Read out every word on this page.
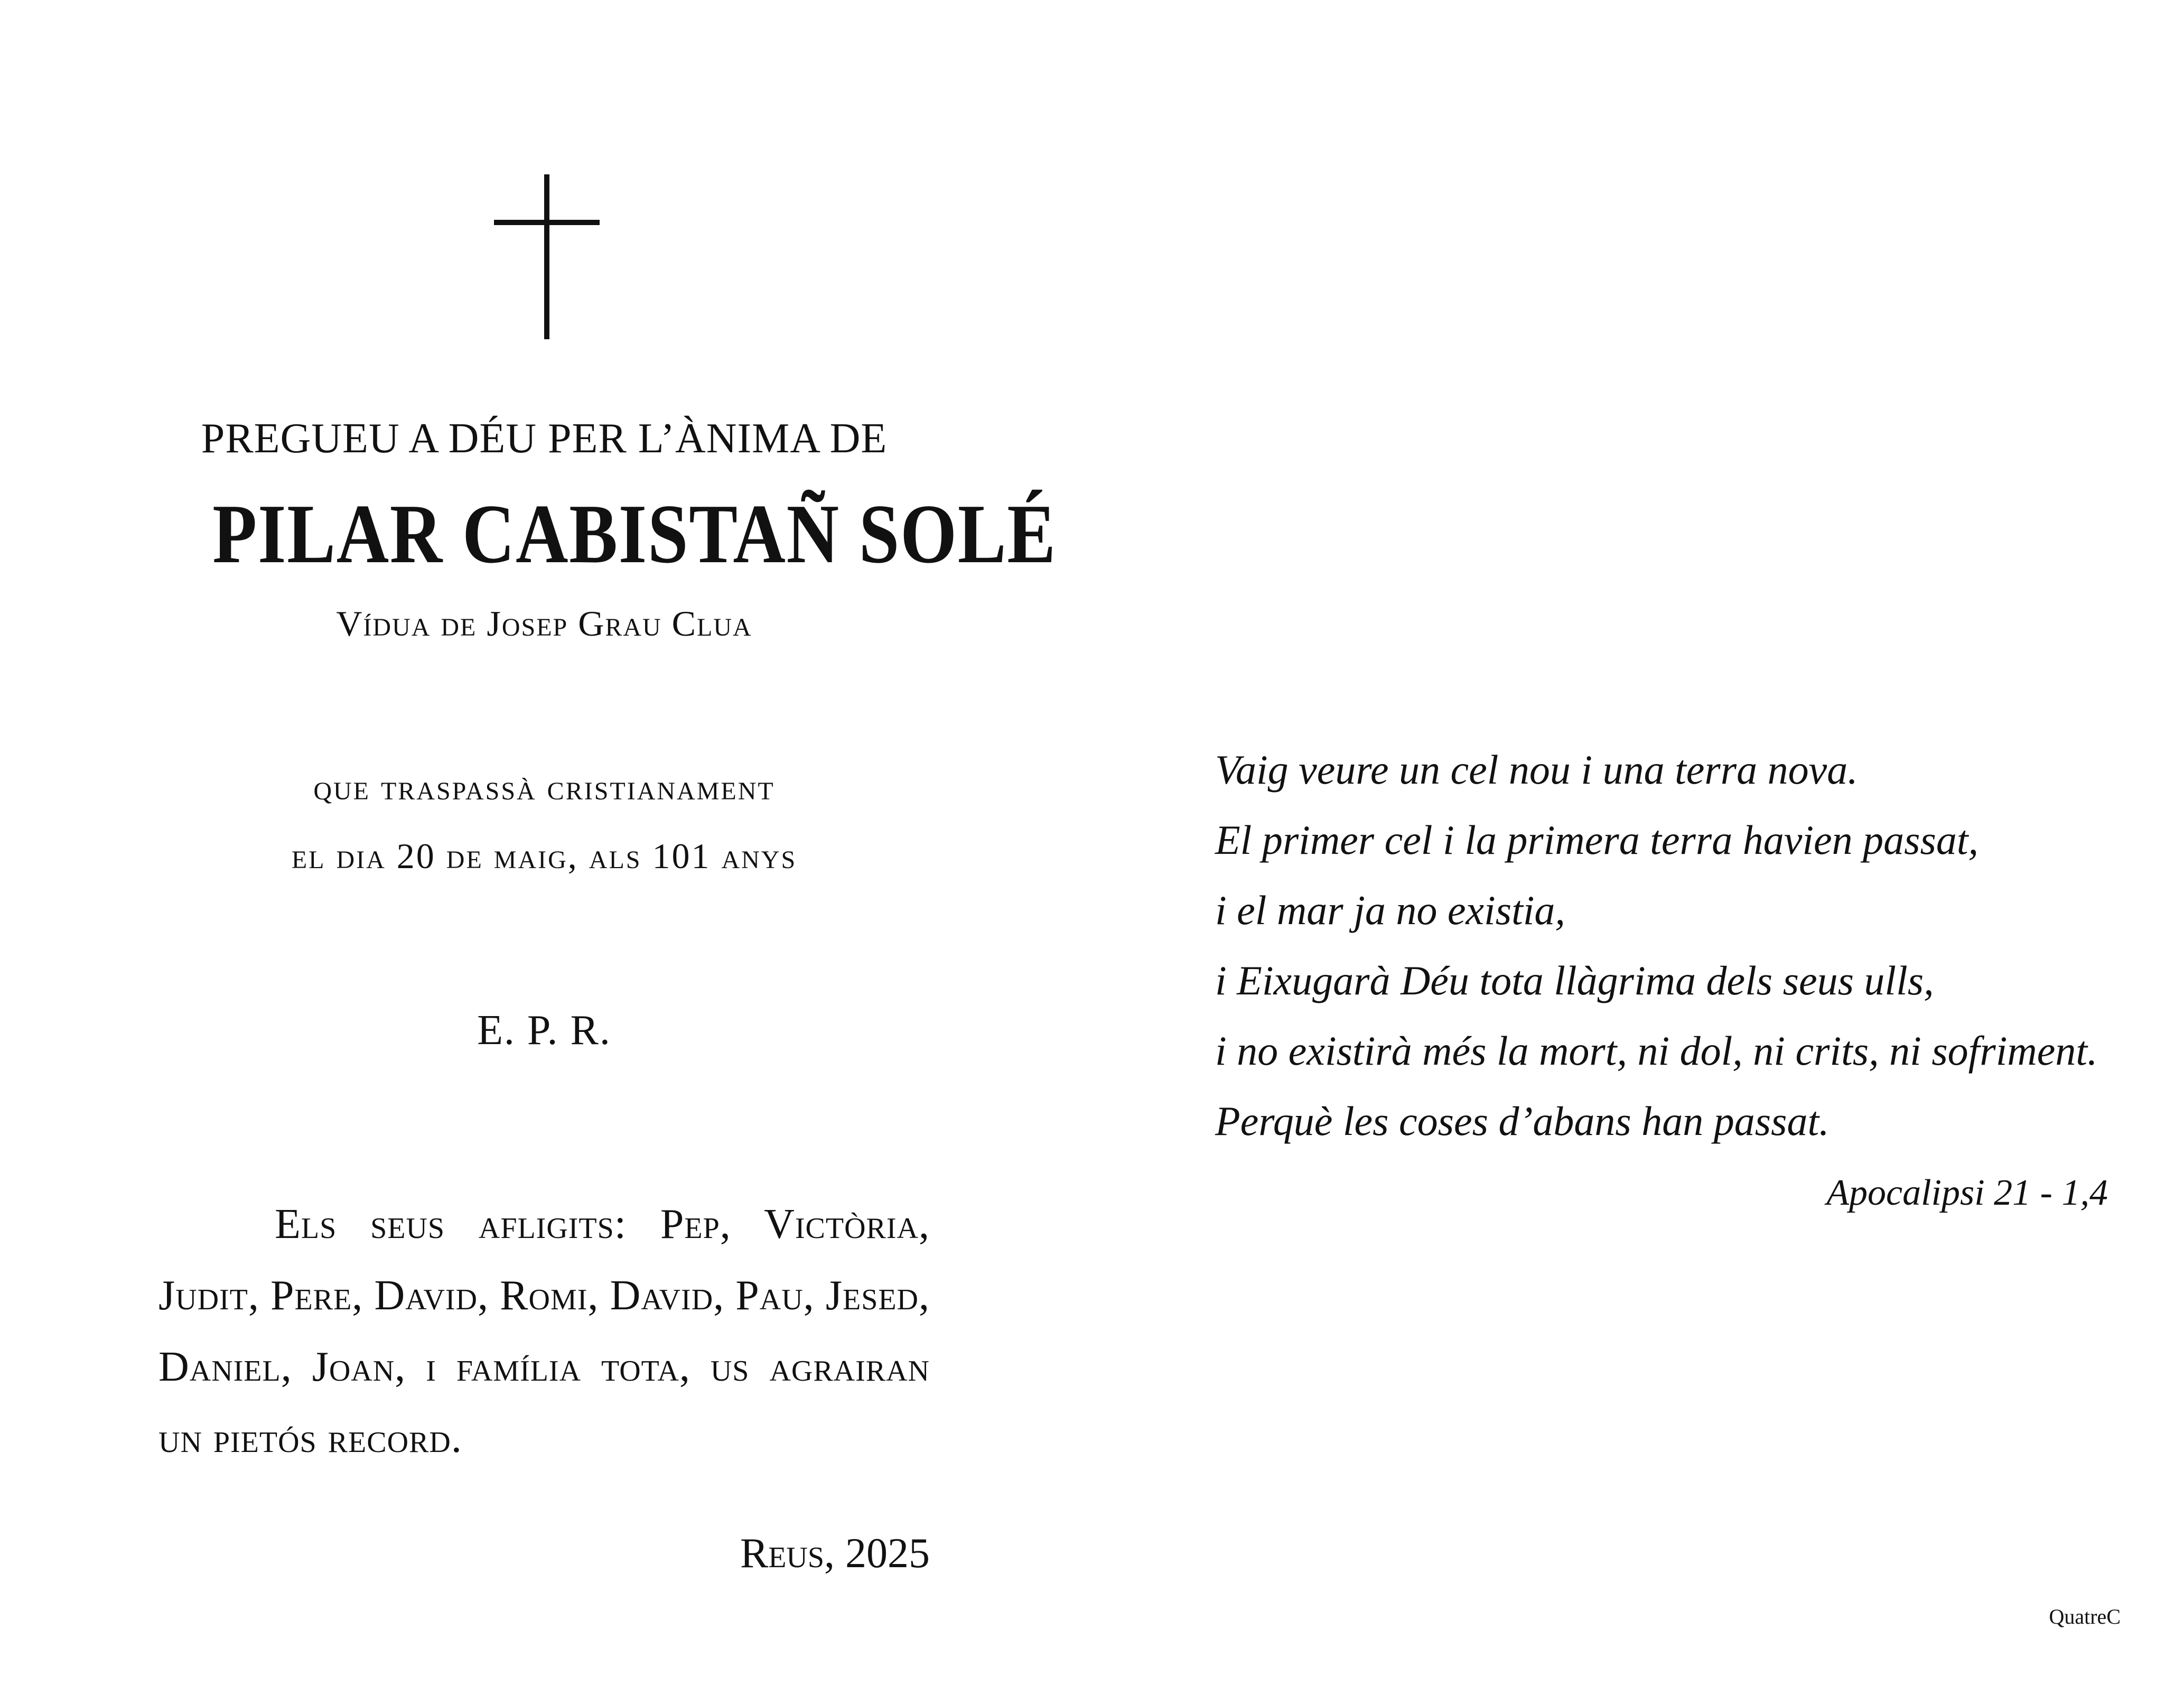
PREGUEU A DÉU PER L’ÀNIMA DE
PILAR CABISTAÑ SOLÉ
Vídua de Josep Grau Clua
que traspassà cristianament
el dia 20 de maig, als 101 anys
E. P. R.
Els seus afligits: Pep, Victòria, Judit, Pere, David, Romi, David, Pau, Jesed, Daniel, Joan, i família tota, us agrairan un pietós record.
Reus, 2025
Vaig veure un cel nou i una terra nova.
El primer cel i la primera terra havien passat,
i el mar ja no existia,
i Eixugarà Déu tota llàgrima dels seus ulls,
i no existirà més la mort, ni dol, ni crits, ni sofriment.
Perquè les coses d’abans han passat.
Apocalipsi 21 - 1,4
QuatreC
